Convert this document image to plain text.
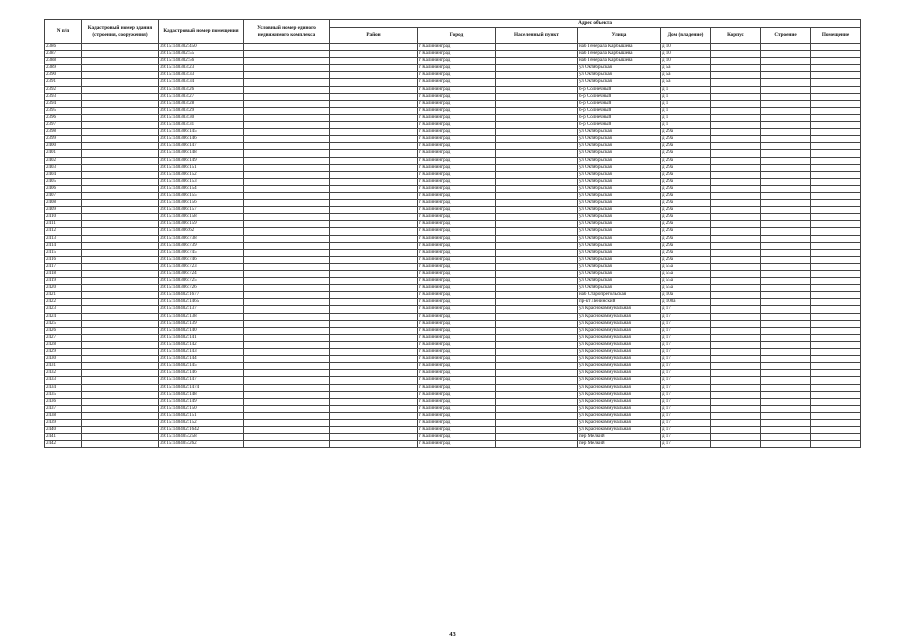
N п/п	Кадастровый номер здания (строения, сооружения)	Кадастровый номер помещения	Условный номер единого недвижимого комплекса	Адрес объекта							
				Район	Город	Населенный пункт	Улица	Дом (владение)	Корпус	Строение	Помещение
2386		39:15:140302:450			г Калининград		наб Генерала Карбышева	д 10			
2387		39:15:140302:55			г Калининград		наб Генерала Карбышева	д 10			
2388		39:15:140302:56			г Калининград		наб Генерала Карбышева	д 10			
2389		39:15:140303:23			г Калининград		ул Октябрьская	д 5а			
2390		39:15:140303:33			г Калининград		ул Октябрьская	д 5а			
2391		39:15:140303:34			г Калининград		ул Октябрьская	д 5а			
2392		39:15:140303:26			г Калининград		б-р Солнечный	д 1			
2393		39:15:140303:27			г Калининград		б-р Солнечный	д 1			
2394		39:15:140303:28			г Калининград		б-р Солнечный	д 1			
2395		39:15:140303:29			г Калининград		б-р Солнечный	д 1			
2396		39:15:140303:30			г Калининград		б-р Солнечный	д 1			
2397		39:15:140303:31			г Калининград		б-р Солнечный	д 1			
2398		39:15:140306:145			г Калининград		ул Октябрьская	д 29а			
2399		39:15:140306:146			г Калининград		ул Октябрьская	д 29а			
2400		39:15:140306:147			г Калининград		ул Октябрьская	д 29а			
2401		39:15:140306:148			г Калининград		ул Октябрьская	д 29а			
2402		39:15:140306:149			г Калининград		ул Октябрьская	д 29а			
2403		39:15:140306:151			г Калининград		ул Октябрьская	д 29а			
2404		39:15:140306:152			г Калининград		ул Октябрьская	д 29а			
2405		39:15:140306:153			г Калининград		ул Октябрьская	д 29а			
2406		39:15:140306:154			г Калининград		ул Октябрьская	д 29а			
2407		39:15:140306:155			г Калининград		ул Октябрьская	д 29а			
2408		39:15:140306:156			г Калининград		ул Октябрьская	д 29а			
2409		39:15:140306:157			г Калининград		ул Октябрьская	д 29а			
2410		39:15:140306:158			г Калининград		ул Октябрьская	д 29а			
2411		39:15:140306:159			г Калининград		ул Октябрьская	д 29а			
2412		39:15:140306:62			г Калининград		ул Октябрьская	д 29а			
2413		39:15:140306:738			г Калининград		ул Октябрьская	д 29а			
2414		39:15:140306:739			г Калининград		ул Октябрьская	д 29а			
2415		39:15:140306:745			г Калининград		ул Октябрьская	д 29а			
2416		39:15:140306:746			г Калининград		ул Октябрьская	д 29а			
2417		39:15:140306:723			г Калининград		ул Октябрьская	д 55а			
2418		39:15:140306:724			г Калининград		ул Октябрьская	д 55а			
2419		39:15:140306:725			г Калининград		ул Октябрьская	д 55а			
2420		39:15:140306:726			г Калининград		ул Октябрьская	д 55а			
2421		39:15:140402:1677			г Калининград		наб Старопрегольская	д 10а			
2422		39:15:140402:1465			г Калининград		пр-кт Ленинский	д 100а			
2423		39:15:140402:137			г Калининград		ул Краснокоммунальная	д 17			
2424		39:15:140402:138			г Калининград		ул Краснокоммунальная	д 17			
2425		39:15:140402:139			г Калининград		ул Краснокоммунальная	д 17			
2426		39:15:140402:140			г Калининград		ул Краснокоммунальная	д 17			
2427		39:15:140402:141			г Калининград		ул Краснокоммунальная	д 17			
2428		39:15:140402:142			г Калининград		ул Краснокоммунальная	д 17			
2429		39:15:140402:143			г Калининград		ул Краснокоммунальная	д 17			
2430		39:15:140402:144			г Калининград		ул Краснокоммунальная	д 17			
2431		39:15:140402:145			г Калининград		ул Краснокоммунальная	д 17			
2432		39:15:140402:146			г Калининград		ул Краснокоммунальная	д 17			
2433		39:15:140402:147			г Калининград		ул Краснокоммунальная	д 17			
2434		39:15:140402:1474			г Калининград		ул Краснокоммунальная	д 17			
2435		39:15:140402:148			г Калининград		ул Краснокоммунальная	д 17			
2436		39:15:140402:149			г Калининград		ул Краснокоммунальная	д 17			
2437		39:15:140402:150			г Калининград		ул Краснокоммунальная	д 17			
2438		39:15:140402:151			г Калининград		ул Краснокоммунальная	д 17			
2439		39:15:140402:152			г Калининград		ул Краснокоммунальная	д 17			
2440		39:15:140402:1642			г Калининград		ул Краснокоммунальная	д 17			
2441		39:15:140405:258			г Калининград		пер Мелкий	д 17			
2442		39:15:140405:262			г Калининград		пер Мелкий	д 17			
43
